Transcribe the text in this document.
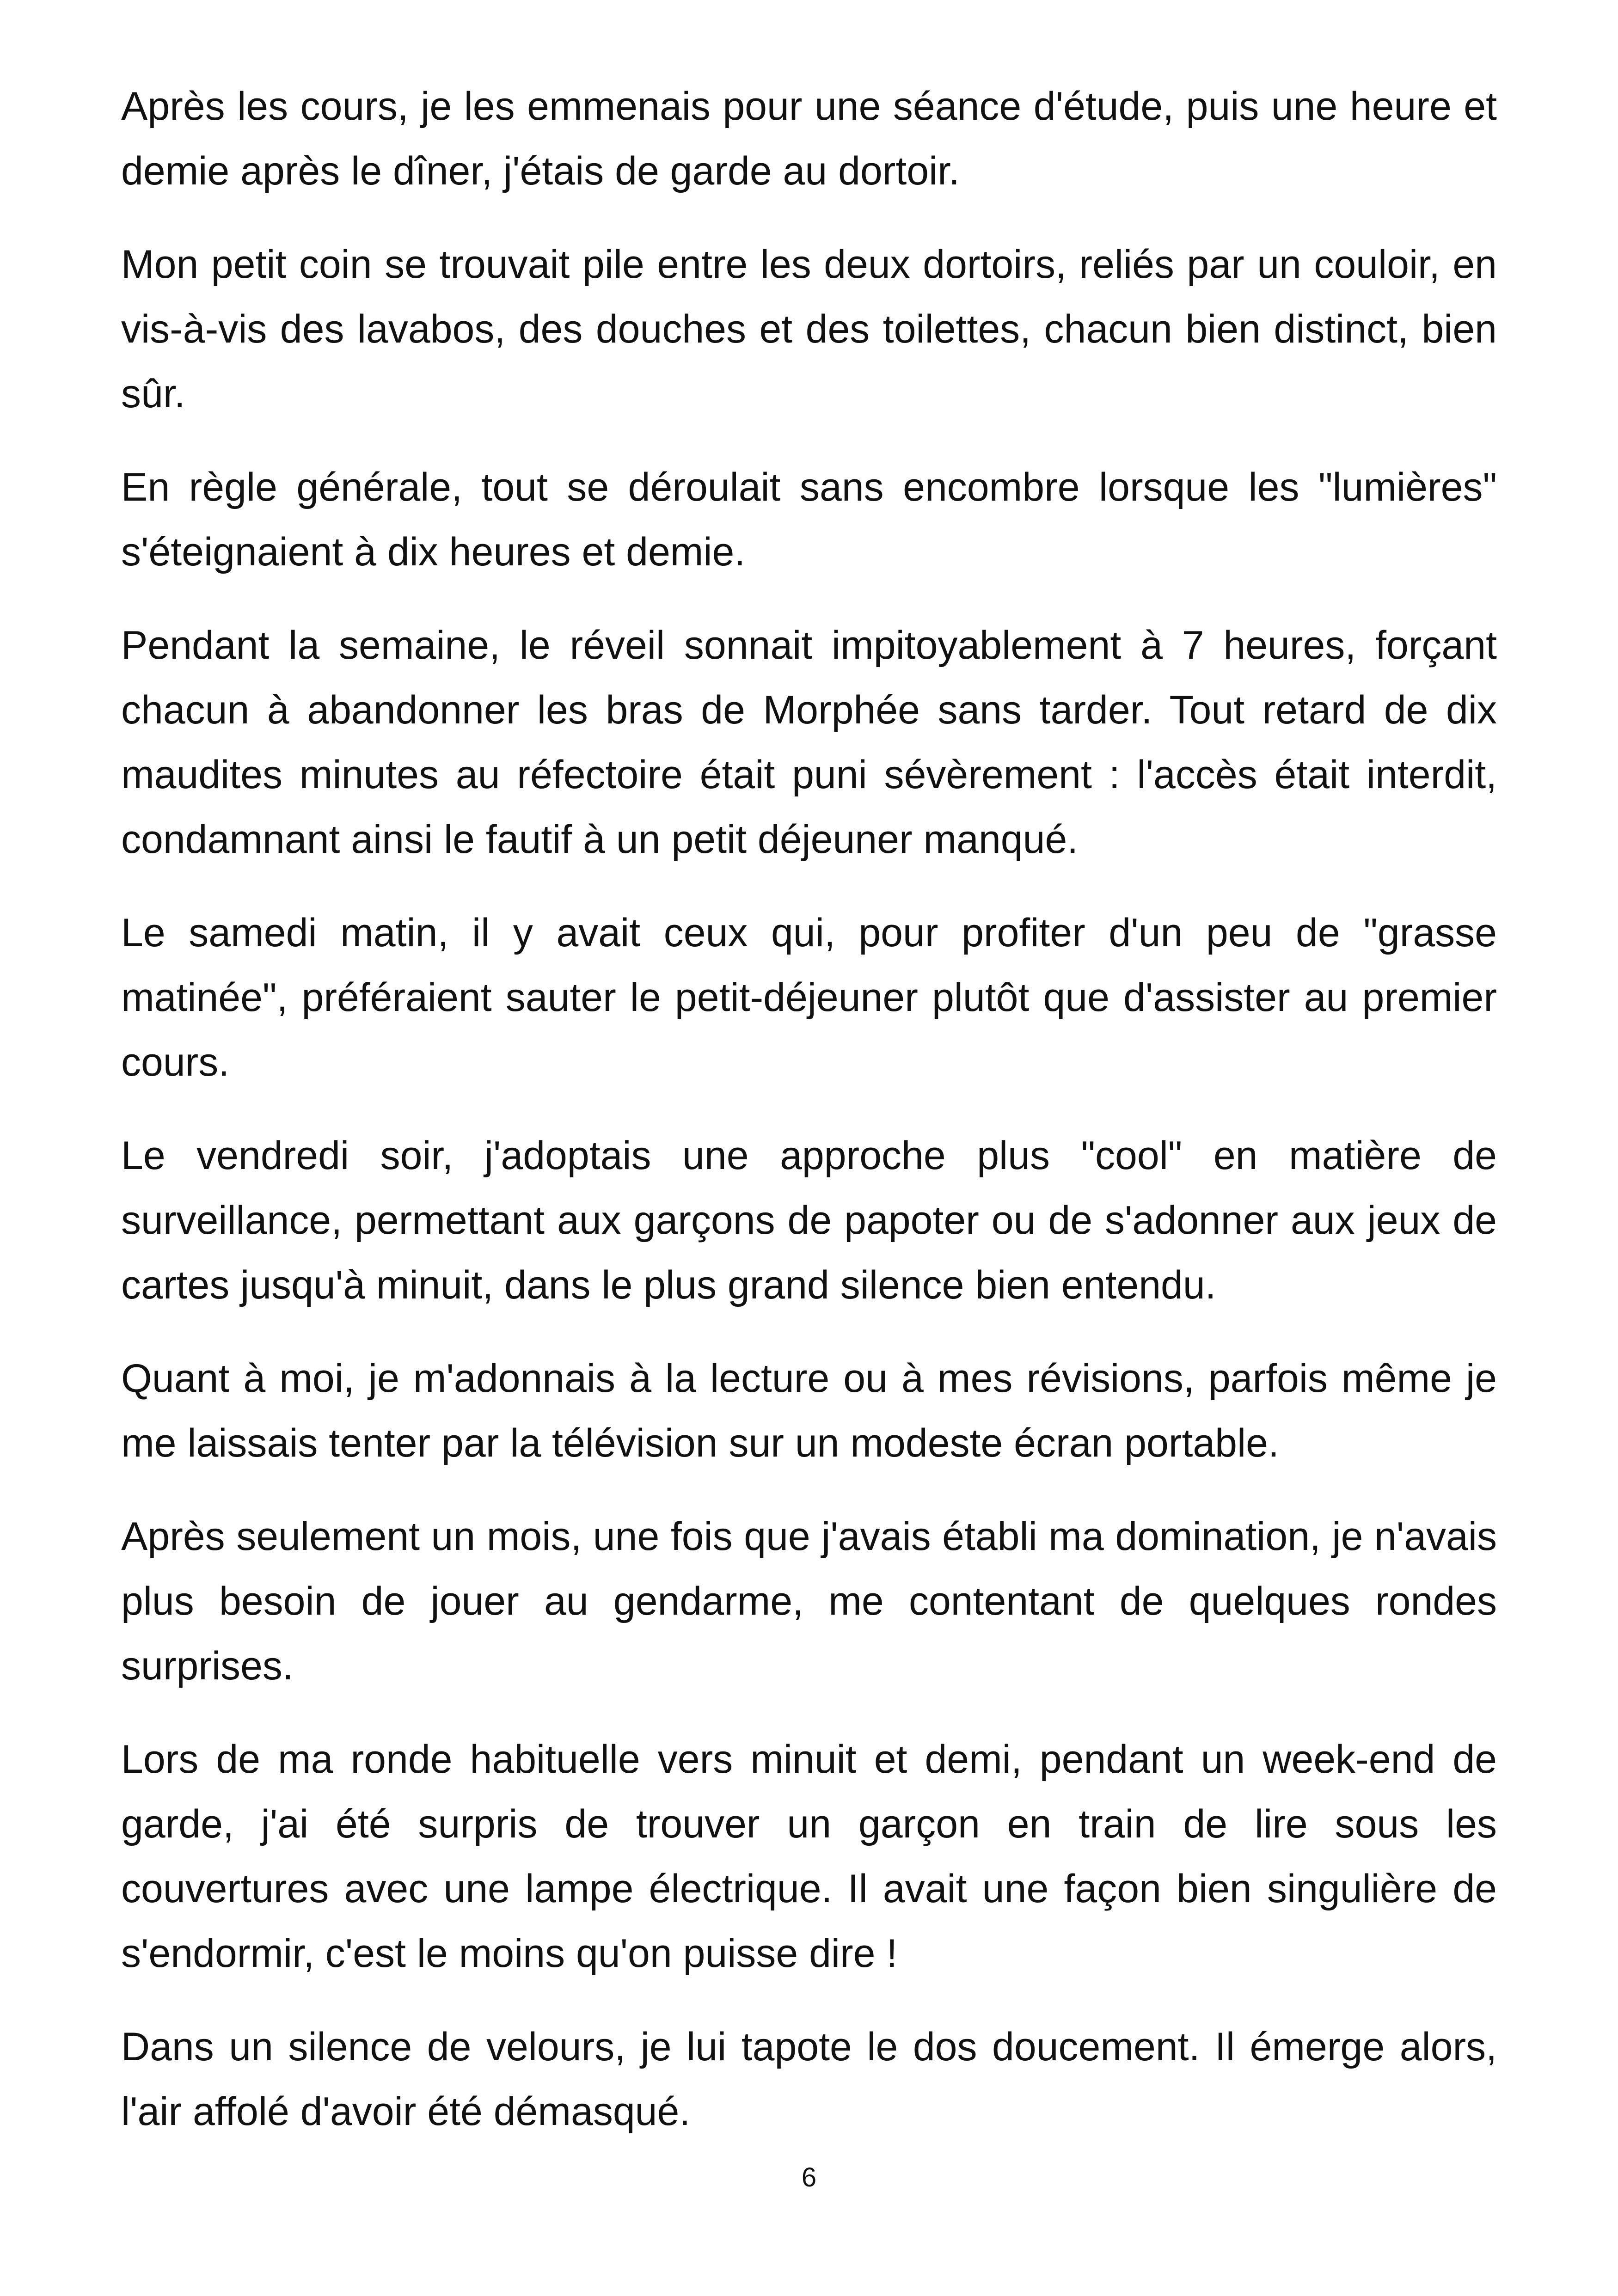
Après les cours, je les emmenais pour une séance d'étude, puis une heure et demie après le dîner, j'étais de garde au dortoir.

Mon petit coin se trouvait pile entre les deux dortoirs, reliés par un couloir, en vis-à-vis des lavabos, des douches et des toilettes, chacun bien distinct, bien sûr.

En règle générale, tout se déroulait sans encombre lorsque les "lumières" s'éteignaient à dix heures et demie.

Pendant la semaine, le réveil sonnait impitoyablement à 7 heures, forçant chacun à abandonner les bras de Morphée sans tarder. Tout retard de dix maudites minutes au réfectoire était puni sévèrement : l'accès était interdit, condamnant ainsi le fautif à un petit déjeuner manqué.

Le samedi matin, il y avait ceux qui, pour profiter d'un peu de "grasse matinée", préféraient sauter le petit-déjeuner plutôt que d'assister au premier cours.

Le vendredi soir, j'adoptais une approche plus "cool" en matière de surveillance, permettant aux garçons de papoter ou de s'adonner aux jeux de cartes jusqu'à minuit, dans le plus grand silence bien entendu.

Quant à moi, je m'adonnais à la lecture ou à mes révisions, parfois même je me laissais tenter par la télévision sur un modeste écran portable.

Après seulement un mois, une fois que j'avais établi ma domination, je n'avais plus besoin de jouer au gendarme, me contentant de quelques rondes surprises.

Lors de ma ronde habituelle vers minuit et demi, pendant un week-end de garde, j'ai été surpris de trouver un garçon en train de lire sous les couvertures avec une lampe électrique. Il avait une façon bien singulière de s'endormir, c'est le moins qu'on puisse dire !

Dans un silence de velours, je lui tapote le dos doucement. Il émerge alors, l'air affolé d'avoir été démasqué.

6
